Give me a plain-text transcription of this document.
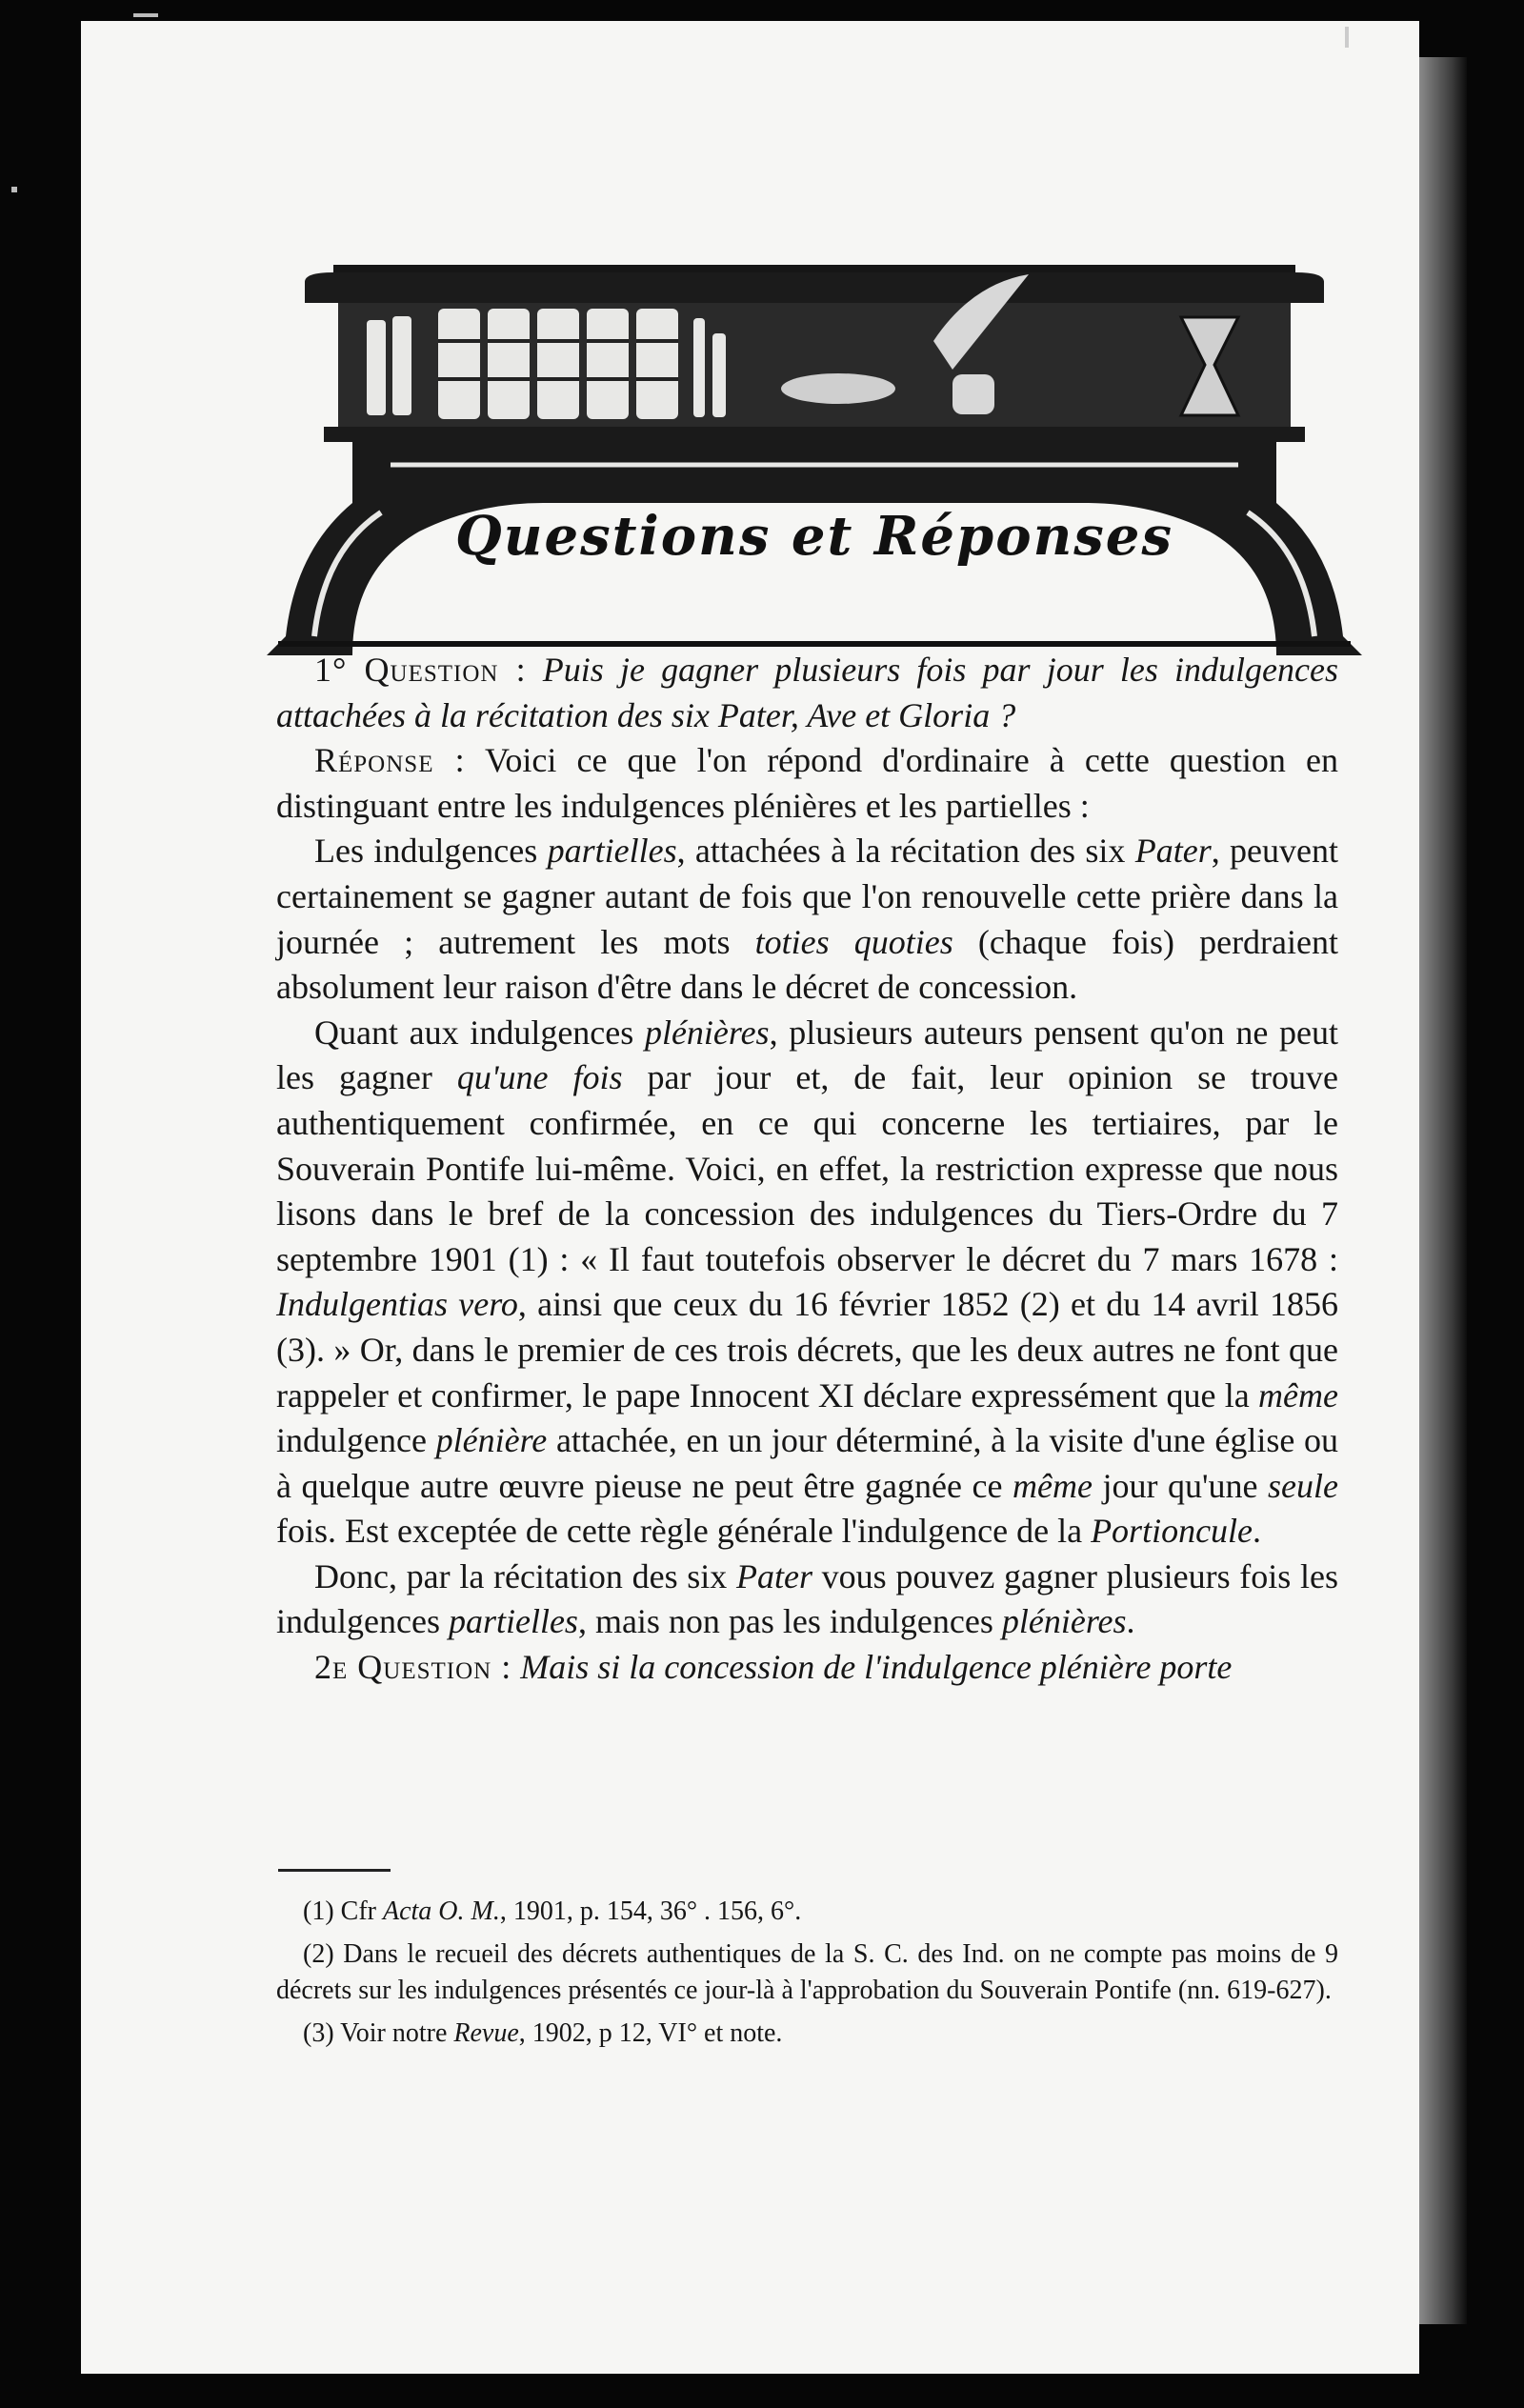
Questions et Réponses

1° Question : Puis je gagner plusieurs fois par jour les indulgences attachées à la récitation des six Pater, Ave et Gloria ?

Réponse : Voici ce que l'on répond d'ordinaire à cette question en distinguant entre les indulgences plénières et les partielles :

Les indulgences partielles, attachées à la récitation des six Pater, peuvent certainement se gagner autant de fois que l'on renouvelle cette prière dans la journée ; autrement les mots toties quoties (chaque fois) perdraient absolument leur raison d'être dans le décret de concession.

Quant aux indulgences plénières, plusieurs auteurs pensent qu'on ne peut les gagner qu'une fois par jour et, de fait, leur opinion se trouve authentiquement confirmée, en ce qui concerne les tertiaires, par le Souverain Pontife lui-même. Voici, en effet, la restriction expresse que nous lisons dans le bref de la concession des indulgences du Tiers-Ordre du 7 septembre 1901 (1) : « Il faut toutefois observer le décret du 7 mars 1678 : Indulgentias vero, ainsi que ceux du 16 février 1852 (2) et du 14 avril 1856 (3). » Or, dans le premier de ces trois décrets, que les deux autres ne font que rappeler et confirmer, le pape Innocent XI déclare expressément que la même indulgence plénière attachée, en un jour déterminé, à la visite d'une église ou à quelque autre œuvre pieuse ne peut être gagnée ce même jour qu'une seule fois. Est exceptée de cette règle générale l'indulgence de la Portioncule.

Donc, par la récitation des six Pater vous pouvez gagner plusieurs fois les indulgences partielles, mais non pas les indulgences plénières.

2e Question : Mais si la concession de l'indulgence plénière porte

(1) Cfr Acta O. M., 1901, p. 154, 36° . 156, 6°.

(2) Dans le recueil des décrets authentiques de la S. C. des Ind. on ne compte pas moins de 9 décrets sur les indulgences présentés ce jour-là à l'approbation du Souverain Pontife (nn. 619-627).

(3) Voir notre Revue, 1902, p 12, VI° et note.
